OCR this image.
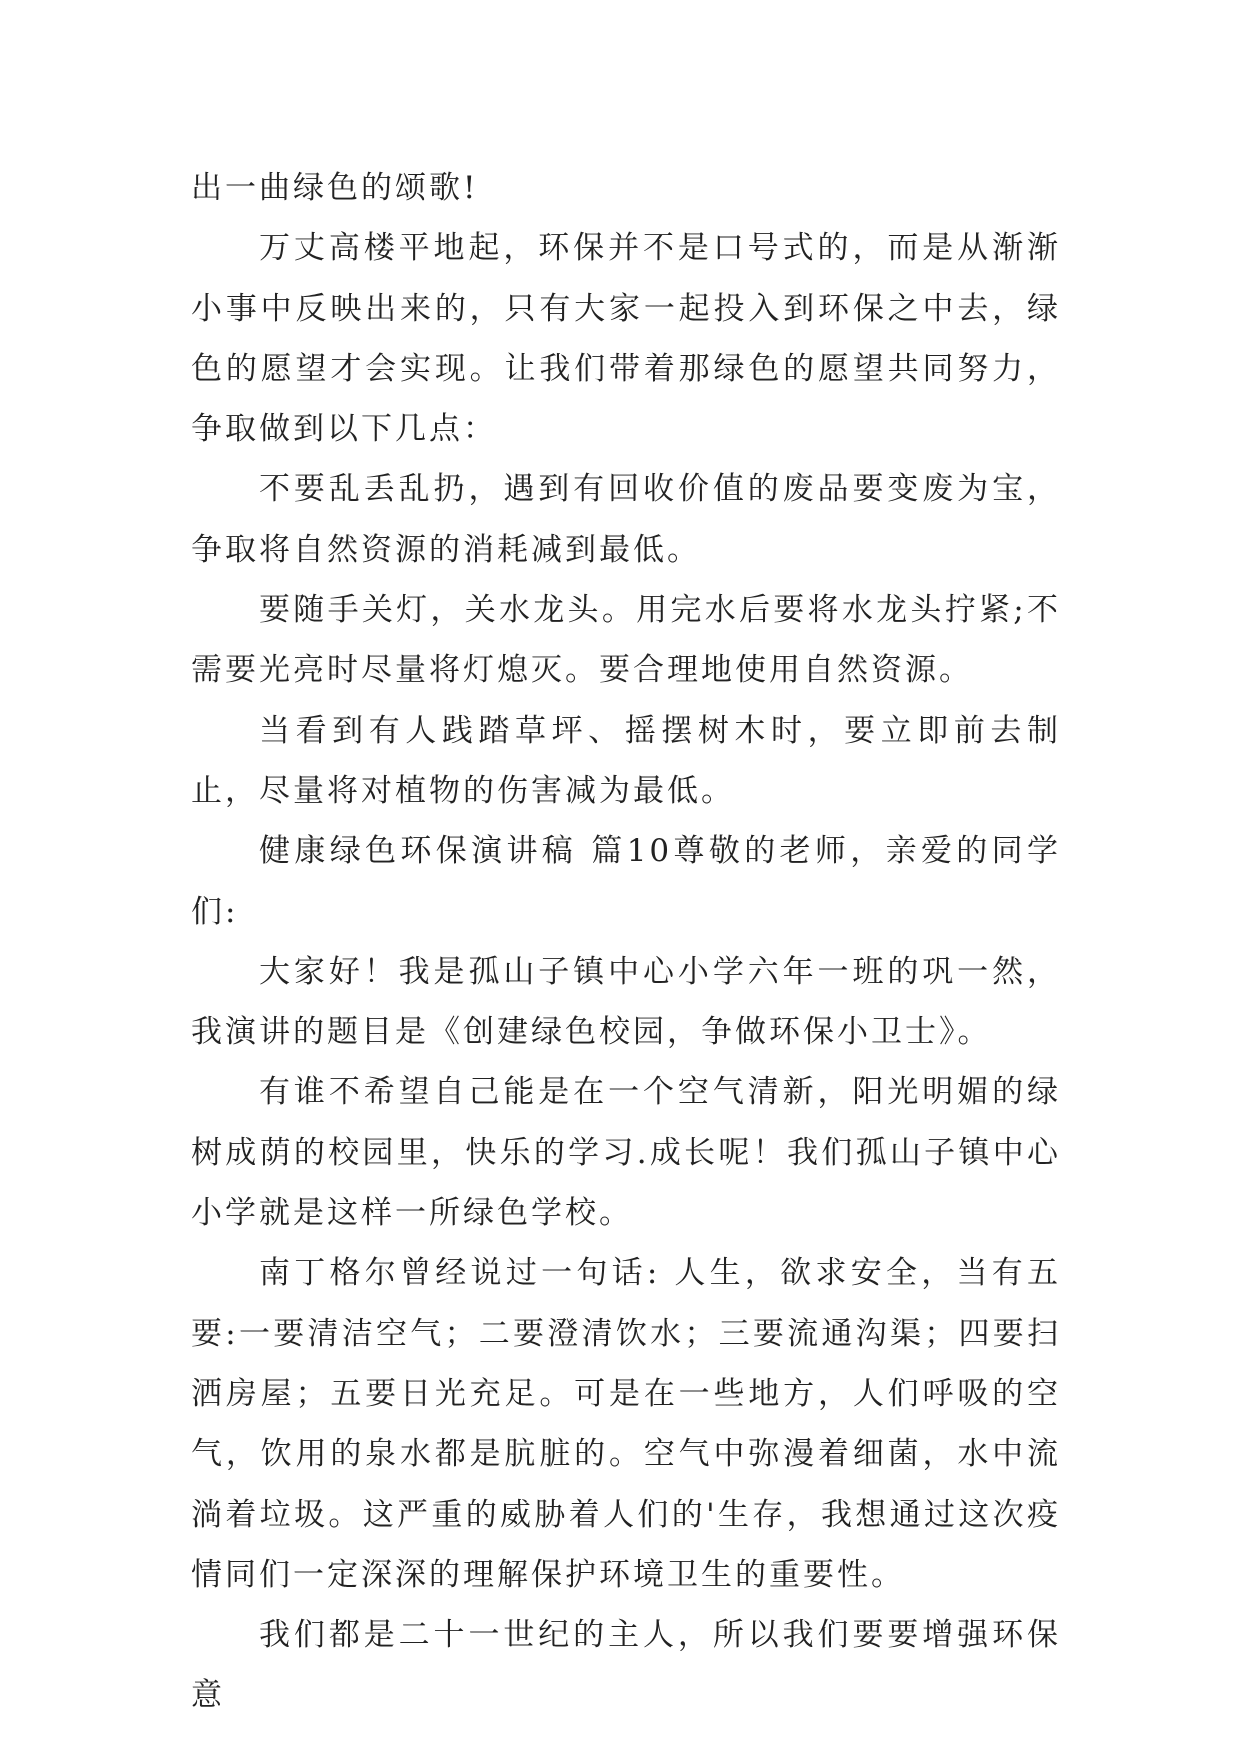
出一曲绿色的颂歌!

万丈高楼平地起，环保并不是口号式的，而是从渐渐小事中反映出来的，只有大家一起投入到环保之中去，绿色的愿望才会实现。让我们带着那绿色的愿望共同努力，争取做到以下几点：

不要乱丢乱扔，遇到有回收价值的废品要变废为宝，争取将自然资源的消耗减到最低。

要随手关灯，关水龙头。用完水后要将水龙头拧紧;不需要光亮时尽量将灯熄灭。要合理地使用自然资源。

当看到有人践踏草坪、摇摆树木时，要立即前去制止，尽量将对植物的伤害减为最低。

健康绿色环保演讲稿 篇10尊敬的老师，亲爱的同学们:

大家好！我是孤山子镇中心小学六年一班的巩一然，我演讲的题目是《创建绿色校园，争做环保小卫士》。

有谁不希望自己能是在一个空气清新，阳光明媚的绿树成荫的校园里，快乐的学习.成长呢！我们孤山子镇中心小学就是这样一所绿色学校。

南丁格尔曾经说过一句话: 人生，欲求安全，当有五要:一要清洁空气；二要澄清饮水；三要流通沟渠；四要扫洒房屋；五要日光充足。可是在一些地方，人们呼吸的空气，饮用的泉水都是肮脏的。空气中弥漫着细菌，水中流淌着垃圾。这严重的威胁着人们的'生存，我想通过这次疫情同们一定深深的理解保护环境卫生的重要性。

我们都是二十一世纪的主人，所以我们要要增强环保意
